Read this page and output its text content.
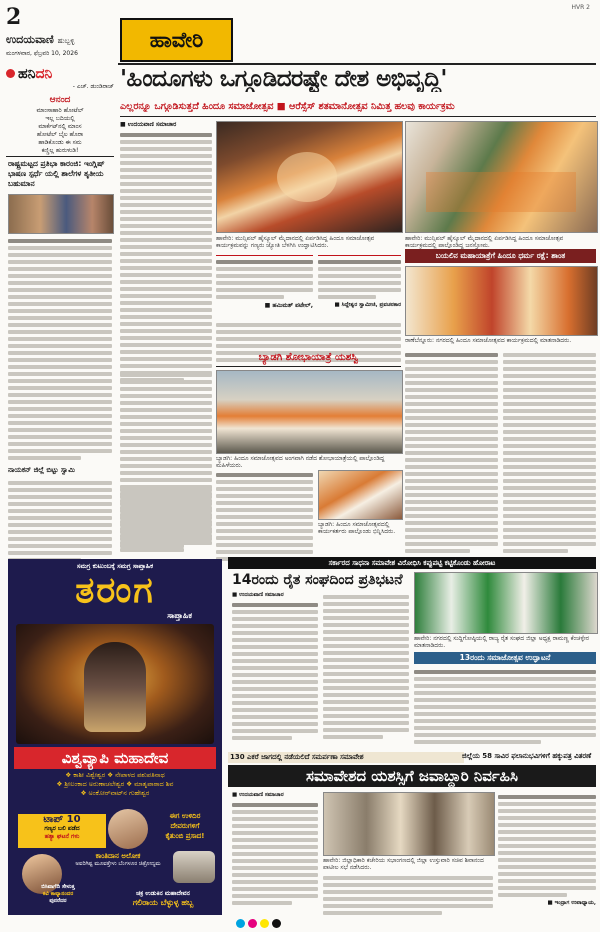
2
ಉದಯವಾಣಿ ಹುಬ್ಬಳ್ಳಿ
ಮಂಗಳವಾರ, ಫೆಬ್ರವರಿ 10, 2026
ಹಾವೇರಿ
HVR 2
ಹನಿದನಿ
- ಎಚ್. ಡುಂಡಿರಾಜ್
ಆನಂದ
ಮಾಂಸಾಹಾರಿ ಹೋಟೆಲ್
ಇಲ್ಲ ಬದಿಯಲ್ಲಿ
ಮಾರ್ಕೆಟ್‌ನಲ್ಲಿ ಮಾಂಸ
ಹೋಟೆಲ್ ಬೈಲ ಹೊರಾ
ಹಾಡಿಕೊಂಡು ಈ ಸಮ
ಕಣ್ಣಿಲ್ಲ ಹುರುಳುಡಿ!
ರಾಷ್ಟ್ರಮಟ್ಟದ ಪ್ರತಿಭಾ ಕಾರಂಜಿ: ಇಂಗ್ಲಿಷ್ ಭಾಷಣ ಸ್ಪರ್ಧೆ ಯಲ್ಲಿ ಶಾಲೆಗಳ ತೃತೀಯ ಬಹುಮಾನ
ನಾಯಕನ್ ಜಿಲ್ಲೆ ಬಿಟ್ಟು ಸ್ವಾಮಿ
'ಹಿಂದೂಗಳು ಒಗ್ಗೂಡಿದರಷ್ಟೇ ದೇಶ ಅಭಿವೃದ್ಧಿ'
ಎಲ್ಲರನ್ನೂ ಒಗ್ಗೂಡಿಸುತ್ತದೆ ಹಿಂದೂ ಸಮಾಜೋತ್ಸವ ■ ಆರೆಸ್ಸೆಸ್ ಶತಮಾನೋತ್ಸವ ನಿಮಿತ್ತ ಹಲವು ಕಾರ್ಯಕ್ರಮ
■ ಉದಯವಾಣಿ ಸಮಾಚಾರ
ಹಾವೇರಿ: ಮುನ್ಸಿಪಲ್ ಹೈಸ್ಕೂಲ್ ಮೈದಾನದಲ್ಲಿ ಏರ್ಪಡಿಸಿದ್ದ ಹಿಂದೂ ಸಮಾಜೋತ್ಸವ ಕಾರ್ಯಕ್ರಮವನ್ನು ಗಣ್ಯರು ಜ್ಯೋತಿ ಬೆಳಗಿಸಿ ಉದ್ಘಾಟಿಸಿದರು.
ಹಾವೇರಿ: ಮುನ್ಸಿಪಲ್ ಹೈಸ್ಕೂಲ್ ಮೈದಾನದಲ್ಲಿ ಏರ್ಪಡಿಸಿದ್ದ ಹಿಂದೂ ಸಮಾಜೋತ್ಸವ ಕಾರ್ಯಕ್ರಮದಲ್ಲಿ ಪಾಲ್ಗೊಂಡಿದ್ದ ಜನಸ್ತೋಮ.
■ ಹಮಿಮತ್ ಪಟೇಲ್,	■ ಸಿದ್ದೇಶ್ವರ ಸ್ವಾಮೀಜಿ, ಪ್ರವಚನಕಾರ
ಬಯಲಿನ ಮಹಾಯಾತ್ರೆಗೆ ಹಿಂದೂ ಧರ್ಮ ರಕ್ಷೆ: ಶಾಂತ
ರಾಣೆಬೆನ್ನೂರು: ನಗರದಲ್ಲಿ ಹಿಂದೂ ಸಮಾಜೋತ್ಸವದ ಕಾರ್ಯಕ್ರಮದಲ್ಲಿ ಮಾತನಾಡಿದರು.
ಬ್ಯಾಡಗಿ ಶೋಭಾಯಾತ್ರೆ ಯಶಸ್ವಿ
ಬ್ಯಾಡಗಿ: ಹಿಂದೂ ಸಮಾಜೋತ್ಸವದ ಅಂಗವಾಗಿ ನಡೆದ ಶೋಭಾಯಾತ್ರೆಯಲ್ಲಿ ಪಾಲ್ಗೊಂಡಿದ್ದ ಮಹಿಳೆಯರು.
ಬ್ಯಾಡಗಿ: ಹಿಂದೂ ಸಮಾಜೋತ್ಸವದಲ್ಲಿ ಕಾರ್ಯಕರ್ತರು ಪಾಲ್ಗೊಂಡು ಭಿನ್ನಿಸಿದರು.
ಸಮಗ್ರ ಕುಟುಂಬಕ್ಕೆ ಸಮಗ್ರ ಸಾಪ್ತಾಹಿಕ
ತರಂಗ
ಸಾಪ್ತಾಹಿಕ
ವಿಶ್ವವ್ಯಾಪಿ ಮಹಾದೇವ
❖ ಕಾಶೀ ವಿಶ್ವೇಶ್ವರ ❖ ನೇಪಾಳದ ಪಶುಪತಿನಾಥ
❖ ಶ್ರೀಲಂಕಾದ ಅರುಣಾಚಲೇಶ್ವರ ❖ ಮಾತೃಪಾಠಾದ ಶಿವ
❖ ಅಂಕೋರ್‌ವಾಟ್‌ನ ಗುಹೇಶ್ವರ
ಟಾಪ್ 10
ಗಣ್ಯರ ಬಲಿ ಪಡೆದ
ಹತ್ಯಾ ಘಟನೆ ಗಳು
ಈಗ ಉಳಿದಿರ
ದೇವರುಗಳಿಗೆ
ಕೈತುಂಬಿ ಪ್ರಸಾದ!
ಕಾಂತಿದಾನ ಅಲೋಕ
ಅವರಿಗಿಷ್ಟ ಮೂವತ್ತೇಳು ಬೆಂಗಳೂರ ಚಿತ್ರೋದ್ಯಮ
ಬಿಸಿವಾಗೆದಿ ಸೇಳುತ್ತ
ಕವಿ ಕಾವ್ಯಾನಂದರ
ಪುನರೆದರ
ಚಕ್ರ ಉಡುಕಿನ ಮಹಾದೇವನ
ಗಲಿರಾಯ ಬೆಳ್ಳುಳ್ಳ ಹಬ್ಬ
ಸರ್ಕಾರದ ಸಾಧನಾ ಸಮಾವೇಶ ವಿರೋಧಿಸಿ ಕಪ್ಪುಪಟ್ಟಿ ಕಟ್ಟಿಕೊಂಡು ಹೋರಾಟ
14ರಂದು ರೈತ ಸಂಘದಿಂದ ಪ್ರತಿಭಟನೆ
■ ಉದಯವಾಣಿ ಸಮಾಚಾರ
ಹಾವೇರಿ: ನಗರದಲ್ಲಿ ಸುದ್ದಿಗೋಷ್ಠಿಯಲ್ಲಿ ರಾಜ್ಯ ರೈತ ಸಂಘದ ಜಿಲ್ಲಾ ಅಧ್ಯಕ್ಷ ರಾಮಣ್ಣ ಕೆಂಚಳ್ಳೇರ ಮಾತನಾಡಿದರು.
13ರಂದು ಸಮಾಜೋತ್ಸವ ಉದ್ಘಾಟನೆ
130 ಎಕರೆ ಜಾಗದಲ್ಲಿ ನಡೆಯಲಿದೆ ಸಮರ್ಪಣಾ ಸಮಾವೇಶ	ಜಿಲ್ಲೆಯ 58 ಸಾವಿರ ಫಲಾನುಭವಿಗಳಿಗೆ ಹಕ್ಕುಪತ್ರ ವಿತರಣೆ
ಸಮಾವೇಶದ ಯಶಸ್ಸಿಗೆ ಜವಾಬ್ದಾರಿ ನಿರ್ವಹಿಸಿ
■ ಉದಯವಾಣಿ ಸಮಾಚಾರ
ಹಾವೇರಿ: ಜಿಲ್ಲಾಧಿಕಾರಿ ಕಚೇರಿಯ ಸಭಾಂಗಣದಲ್ಲಿ ಜಿಲ್ಲಾ ಉಸ್ತುವಾರಿ ಸಚಿವ ಶಿವಾನಂದ ಪಾಟೀಲ ಸಭೆ ನಡೆಸಿದರು.
■ ಇಂದ್ರಾಗ ಉಪಾಧ್ಯಾಯ,
